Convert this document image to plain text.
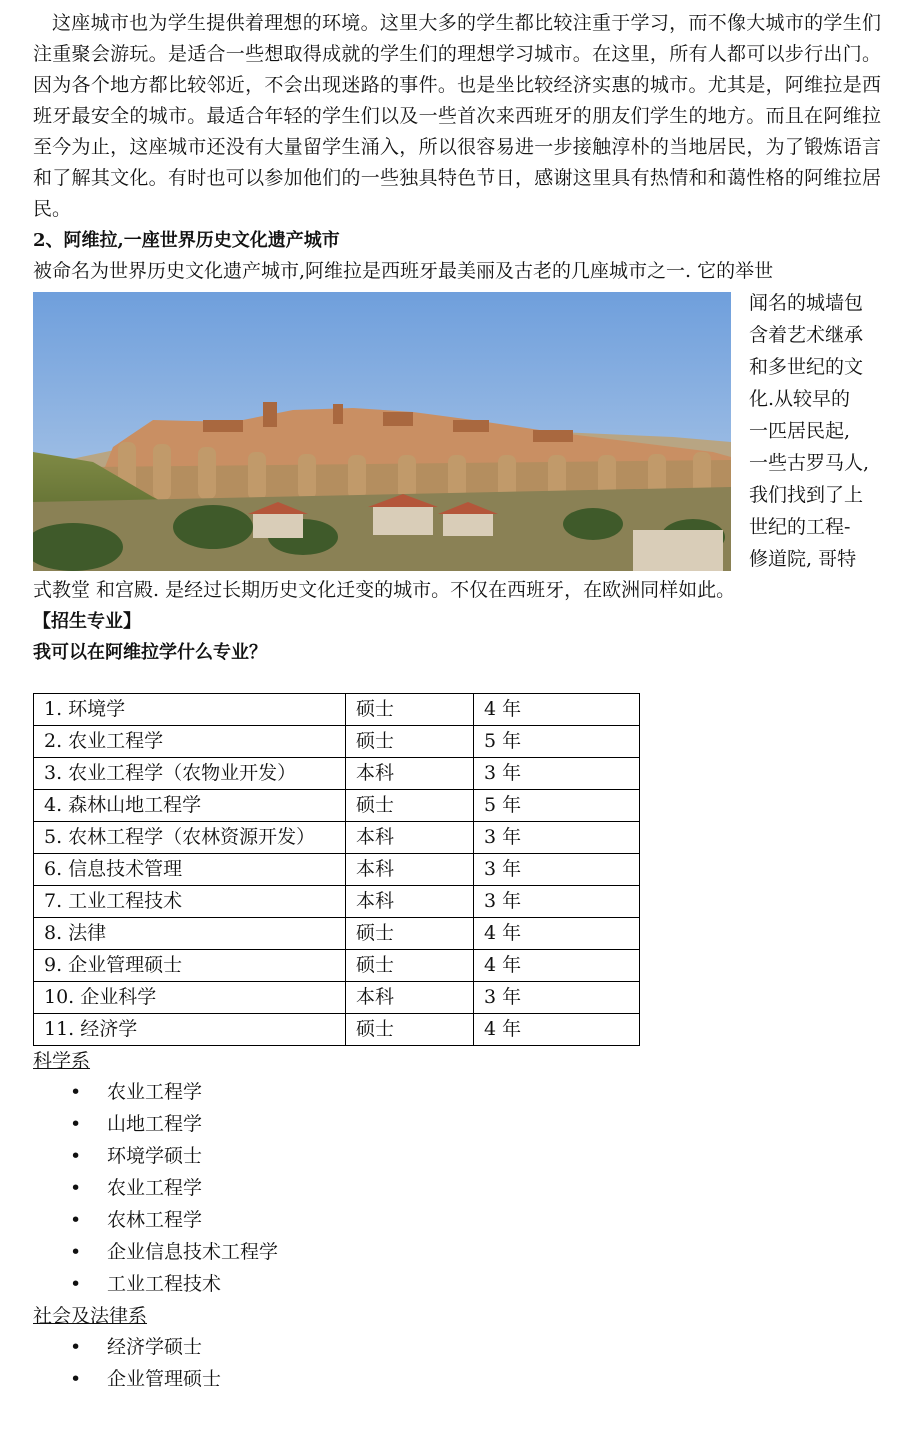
这座城市也为学生提供着理想的环境。这里大多的学生都比较注重于学习，而不像大城市的学生们注重聚会游玩。是适合一些想取得成就的学生们的理想学习城市。在这里，所有人都可以步行出门。因为各个地方都比较邻近，不会出现迷路的事件。也是坐比较经济实惠的城市。尤其是，阿维拉是西班牙最安全的城市。最适合年轻的学生们以及一些首次来西班牙的朋友们学生的地方。而且在阿维拉至今为止，这座城市还没有大量留学生涌入，所以很容易进一步接触淳朴的当地居民，为了锻炼语言和了解其文化。有时也可以参加他们的一些独具特色节日，感谢这里具有热情和和蔼性格的阿维拉居民。

2、阿维拉,一座世界历史文化遗产城市

被命名为世界历史文化遗产城市,阿维拉是西班牙最美丽及古老的几座城市之一. 它的举世

闻名的城墙包
含着艺术继承
和多世纪的文
化.从较早的
一匹居民起,
一些古罗马人,
我们找到了上
世纪的工程-
修道院, 哥特

式教堂 和宫殿. 是经过长期历史文化迁变的城市。不仅在西班牙，在欧洲同样如此。

【招生专业】

我可以在阿维拉学什么专业？

1. 环境学	硕士	4 年
2. 农业工程学	硕士	5 年
3. 农业工程学（农物业开发）	本科	3 年
4. 森林山地工程学	硕士	5 年
5. 农林工程学（农林资源开发）	本科	3 年
6. 信息技术管理	本科	3 年
7. 工业工程技术	本科	3 年
8. 法律	硕士	4 年
9. 企业管理硕士	硕士	4 年
10. 企业科学	本科	3 年
11. 经济学	硕士	4 年

科学系

• 农业工程学
• 山地工程学
• 环境学硕士
• 农业工程学
• 农林工程学
• 企业信息技术工程学
• 工业工程技术

社会及法律系

• 经济学硕士
• 企业管理硕士
